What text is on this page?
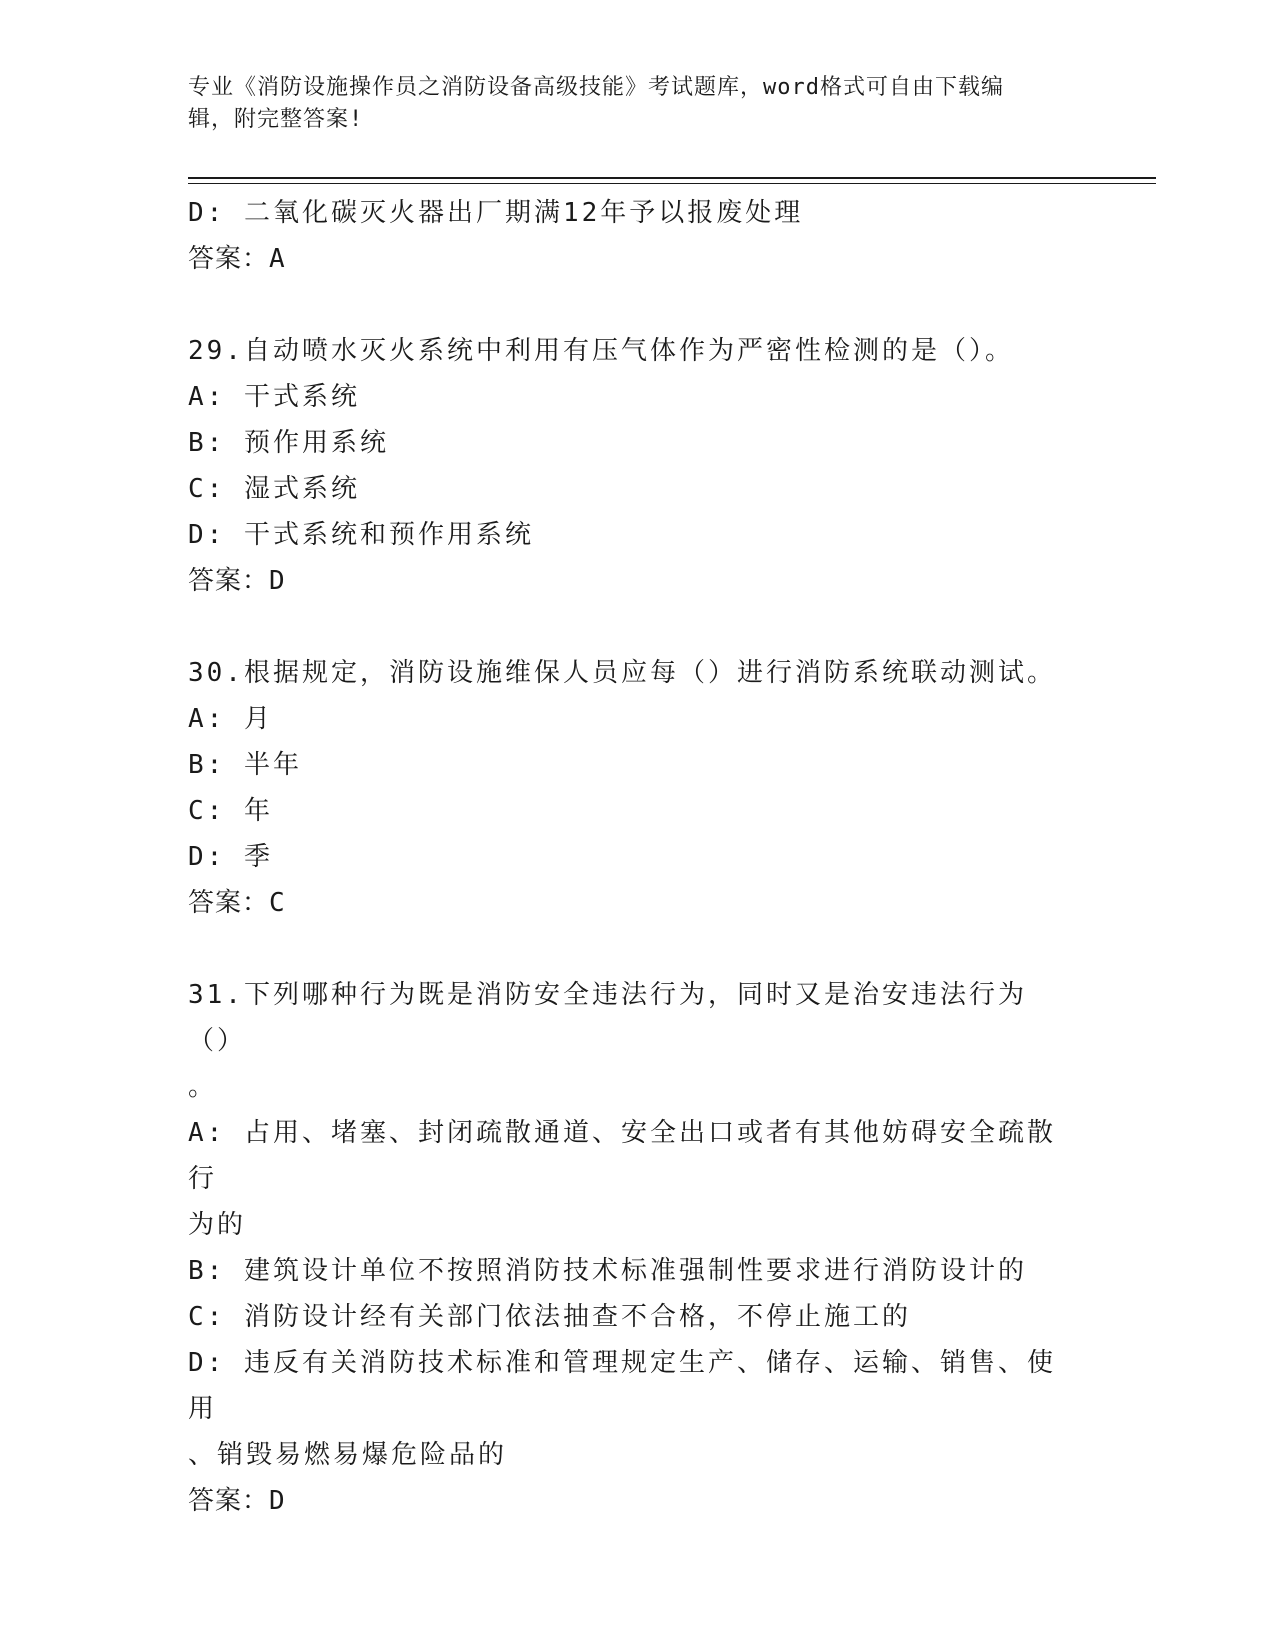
专业《消防设施操作员之消防设备高级技能》考试题库，word格式可自由下载编
辑，附完整答案!
D: 二氧化碳灭火器出厂期满12年予以报废处理
答案：A
29.自动喷水灭火系统中利用有压气体作为严密性检测的是（）。
A: 干式系统
B: 预作用系统
C: 湿式系统
D: 干式系统和预作用系统
答案：D
30.根据规定，消防设施维保人员应每（）进行消防系统联动测试。
A: 月
B: 半年
C: 年
D: 季
答案：C
31.下列哪种行为既是消防安全违法行为，同时又是治安违法行为（）
。
A: 占用、堵塞、封闭疏散通道、安全出口或者有其他妨碍安全疏散行
为的
B: 建筑设计单位不按照消防技术标准强制性要求进行消防设计的
C: 消防设计经有关部门依法抽查不合格，不停止施工的
D: 违反有关消防技术标准和管理规定生产、储存、运输、销售、使用
、销毁易燃易爆危险品的
答案：D
